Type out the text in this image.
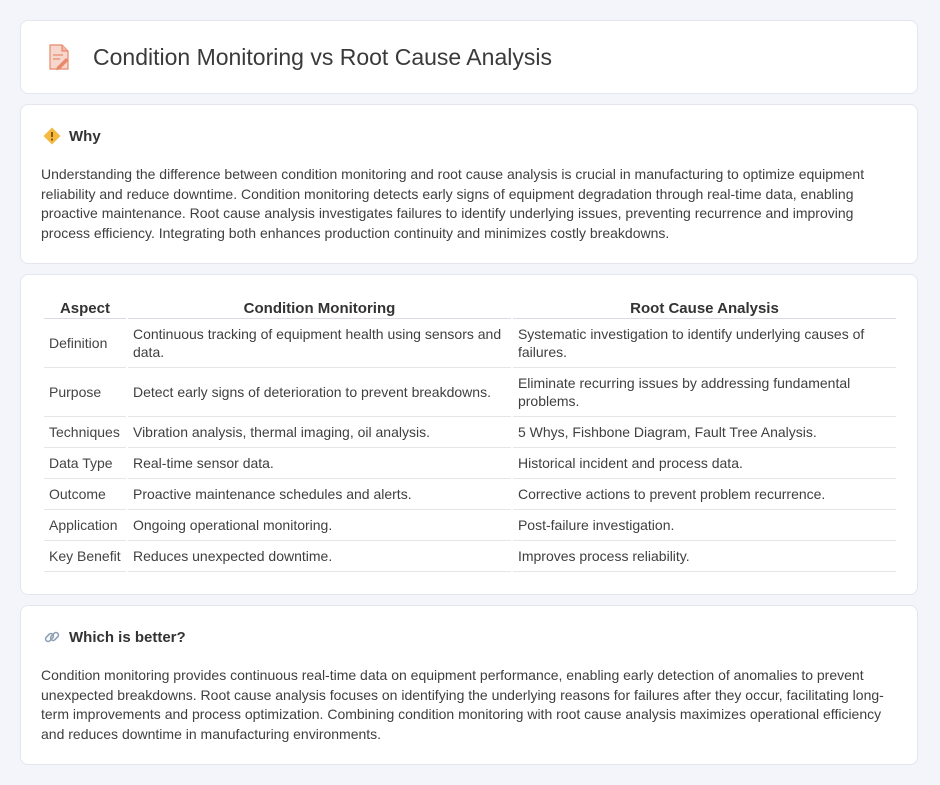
Condition Monitoring vs Root Cause Analysis
Why

Understanding the difference between condition monitoring and root cause analysis is crucial in manufacturing to optimize equipment reliability and reduce downtime. Condition monitoring detects early signs of equipment degradation through real-time data, enabling proactive maintenance. Root cause analysis investigates failures to identify underlying issues, preventing recurrence and improving process efficiency. Integrating both enhances production continuity and minimizes costly breakdowns.

Aspect	Condition Monitoring	Root Cause Analysis
Definition	Continuous tracking of equipment health using sensors and data.	Systematic investigation to identify underlying causes of failures.
Purpose	Detect early signs of deterioration to prevent breakdowns.	Eliminate recurring issues by addressing fundamental problems.
Techniques	Vibration analysis, thermal imaging, oil analysis.	5 Whys, Fishbone Diagram, Fault Tree Analysis.
Data Type	Real-time sensor data.	Historical incident and process data.
Outcome	Proactive maintenance schedules and alerts.	Corrective actions to prevent problem recurrence.
Application	Ongoing operational monitoring.	Post-failure investigation.
Key Benefit	Reduces unexpected downtime.	Improves process reliability.
Which is better?

Condition monitoring provides continuous real-time data on equipment performance, enabling early detection of anomalies to prevent unexpected breakdowns. Root cause analysis focuses on identifying the underlying reasons for failures after they occur, facilitating long-term improvements and process optimization. Combining condition monitoring with root cause analysis maximizes operational efficiency and reduces downtime in manufacturing environments.
